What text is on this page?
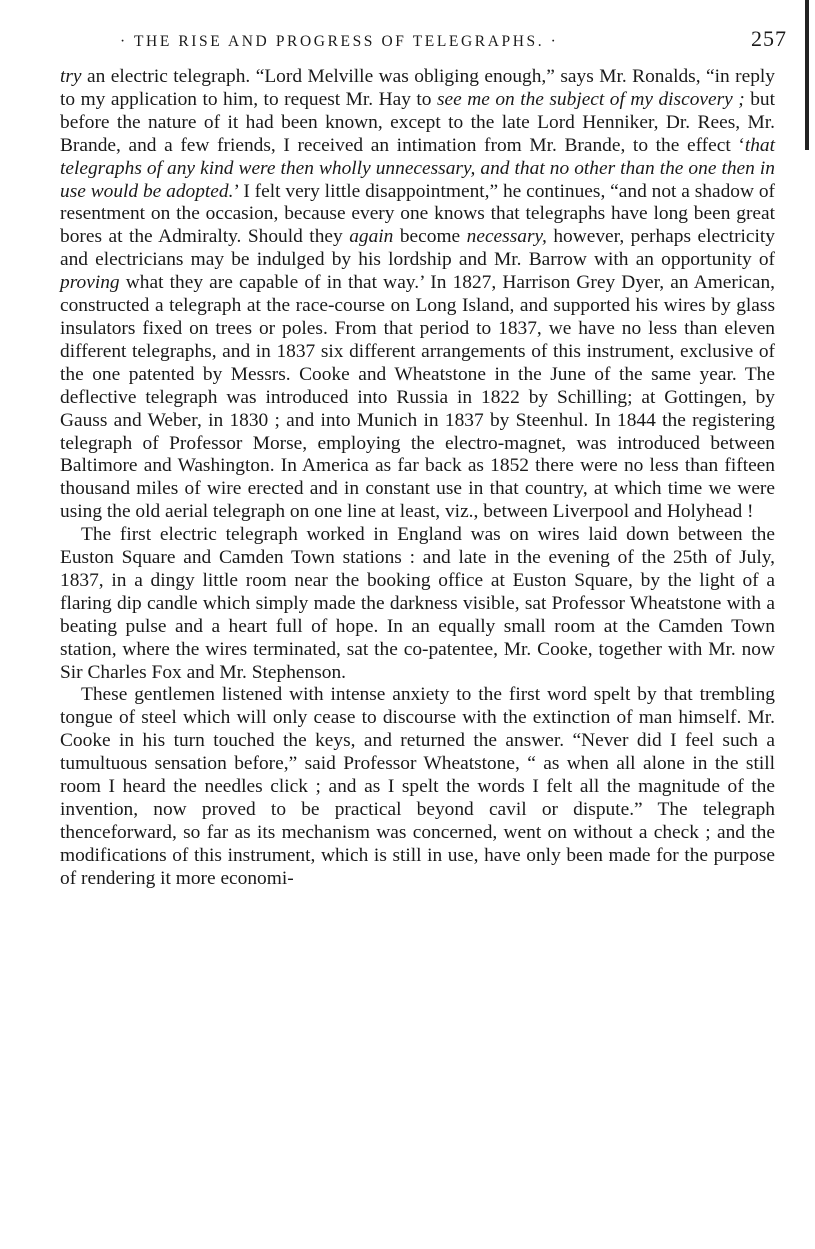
· THE RISE AND PROGRESS OF TELEGRAPHS. ·	257

try an electric telegraph. “Lord Melville was obliging enough,” says Mr. Ronalds, “in reply to my application to him, to request Mr. Hay to see me on the subject of my discovery ; but before the nature of it had been known, except to the late Lord Henniker, Dr. Rees, Mr. Brande, and a few friends, I received an intimation from Mr. Brande, to the effect ‘that telegraphs of any kind were then wholly unnecessary, and that no other than the one then in use would be adopted.’ I felt very little disappointment,” he continues, “and not a shadow of resentment on the occasion, because every one knows that telegraphs have long been great bores at the Admiralty. Should they again become necessary, however, perhaps electricity and electricians may be indulged by his lordship and Mr. Barrow with an opportunity of proving what they are capable of in that way.’ In 1827, Harrison Grey Dyer, an American, constructed a telegraph at the race-course on Long Island, and supported his wires by glass insulators fixed on trees or poles. From that period to 1837, we have no less than eleven different telegraphs, and in 1837 six different arrangements of this instrument, exclusive of the one patented by Messrs. Cooke and Wheatstone in the June of the same year. The deflective telegraph was introduced into Russia in 1822 by Schilling; at Gottingen, by Gauss and Weber, in 1830 ; and into Munich in 1837 by Steenhul. In 1844 the registering telegraph of Professor Morse, employing the electro-magnet, was introduced between Baltimore and Washington. In America as far back as 1852 there were no less than fifteen thousand miles of wire erected and in constant use in that country, at which time we were using the old aerial telegraph on one line at least, viz., between Liverpool and Holyhead !

The first electric telegraph worked in England was on wires laid down between the Euston Square and Camden Town stations : and late in the evening of the 25th of July, 1837, in a dingy little room near the booking office at Euston Square, by the light of a flaring dip candle which simply made the darkness visible, sat Professor Wheatstone with a beating pulse and a heart full of hope. In an equally small room at the Camden Town station, where the wires terminated, sat the co-patentee, Mr. Cooke, together with Mr. now Sir Charles Fox and Mr. Stephenson.

These gentlemen listened with intense anxiety to the first word spelt by that trembling tongue of steel which will only cease to discourse with the extinction of man himself. Mr. Cooke in his turn touched the keys, and returned the answer. “Never did I feel such a tumultuous sensation before,” said Professor Wheatstone, “ as when all alone in the still room I heard the needles click ; and as I spelt the words I felt all the magnitude of the invention, now proved to be practical beyond cavil or dispute.” The telegraph thenceforward, so far as its mechanism was concerned, went on without a check ; and the modifications of this instrument, which is still in use, have only been made for the purpose of rendering it more economi-
